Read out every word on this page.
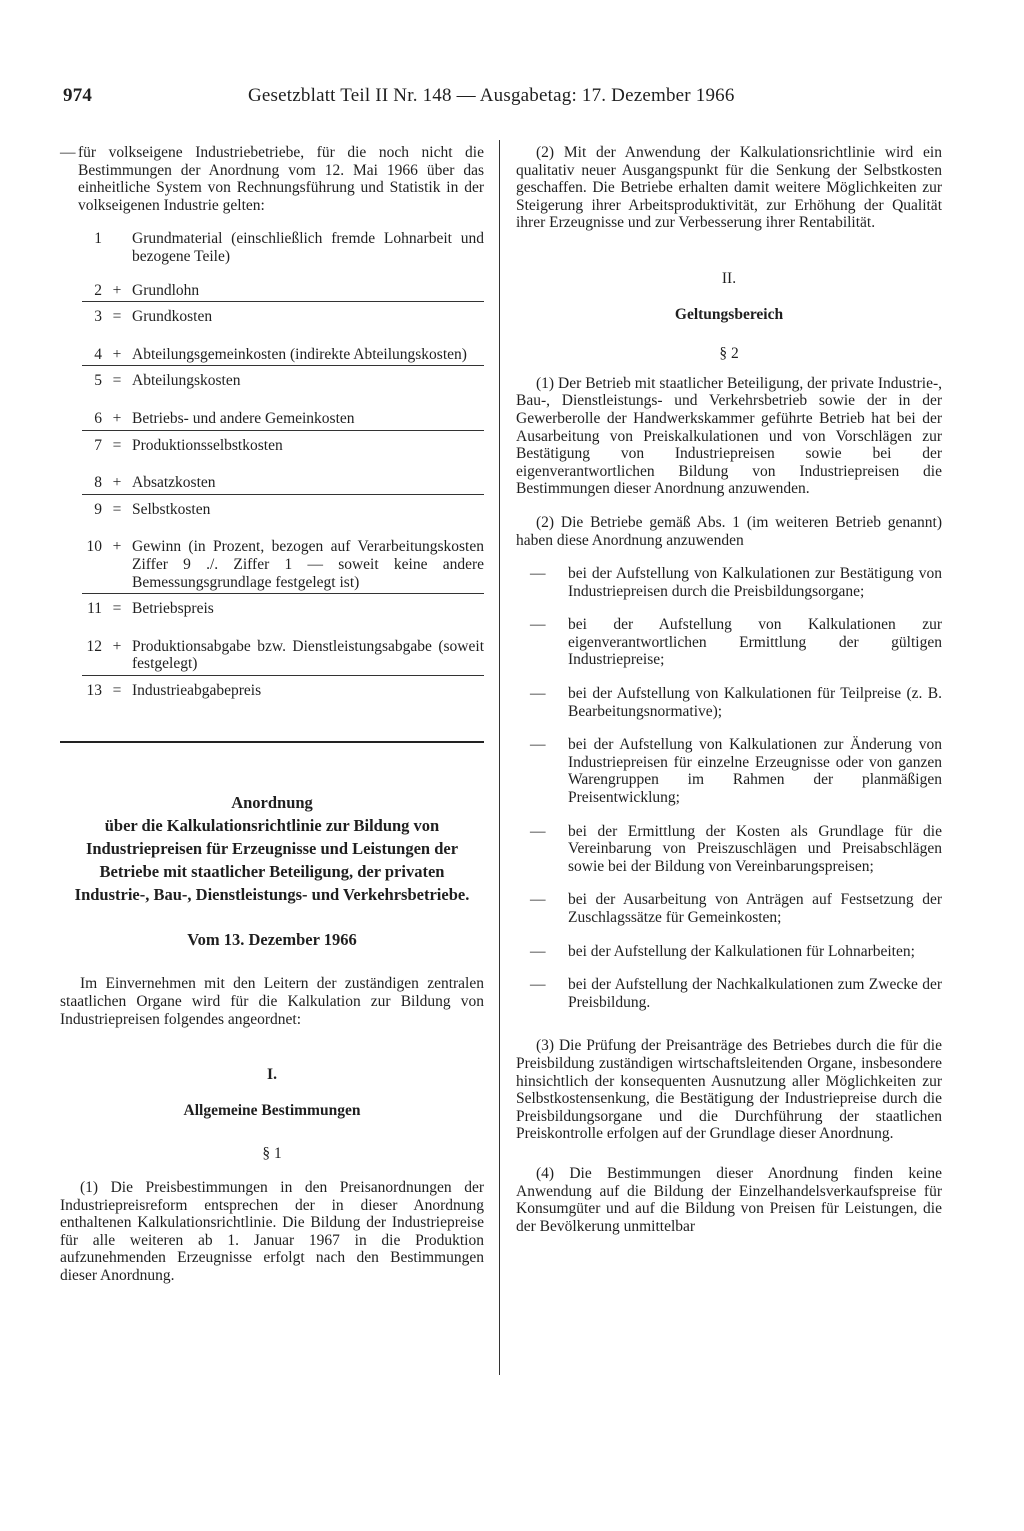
974	Gesetzblatt Teil II Nr. 148 — Ausgabetag: 17. Dezember 1966
— für volkseigene Industriebetriebe, für die noch nicht die Bestimmungen der Anordnung vom 12. Mai 1966 über das einheitliche System von Rechnungsführung und Statistik in der volkseigenen Industrie gelten:
1 Grundmaterial (einschließlich fremde Lohnarbeit und bezogene Teile)
2 + Grundlohn
3 = Grundkosten
4 + Abteilungsgemeinkosten (indirekte Abteilungskosten)
5 = Abteilungskosten
6 + Betriebs- und andere Gemeinkosten
7 = Produktionsselbstkosten
8 + Absatzkosten
9 = Selbstkosten
10 + Gewinn (in Prozent, bezogen auf Verarbeitungskosten Ziffer 9 ./. Ziffer 1 — soweit keine andere Bemessungsgrundlage festgelegt ist)
11 = Betriebspreis
12 + Produktionsabgabe bzw. Dienstleistungsabgabe (soweit festgelegt)
13 = Industrieabgabepreis

Anordnung

über die Kalkulationsrichtlinie zur Bildung von Industriepreisen für Erzeugnisse und Leistungen der Betriebe mit staatlicher Beteiligung, der privaten Industrie-, Bau-, Dienstleistungs- und Verkehrsbetriebe.

Vom 13. Dezember 1966

Im Einvernehmen mit den Leitern der zuständigen zentralen staatlichen Organe wird für die Kalkulation zur Bildung von Industriepreisen folgendes angeordnet:

I.

Allgemeine Bestimmungen

§ 1

(1) Die Preisbestimmungen in den Preisanordnungen der Industriepreisreform entsprechen der in dieser Anordnung enthaltenen Kalkulationsrichtlinie. Die Bildung der Industriepreise für alle weiteren ab 1. Januar 1967 in die Produktion aufzunehmenden Erzeugnisse erfolgt nach den Bestimmungen dieser Anordnung.

(2) Mit der Anwendung der Kalkulationsrichtlinie wird ein qualitativ neuer Ausgangspunkt für die Senkung der Selbstkosten geschaffen. Die Betriebe erhalten damit weitere Möglichkeiten zur Steigerung ihrer Arbeitsproduktivität, zur Erhöhung der Qualität ihrer Erzeugnisse und zur Verbesserung ihrer Rentabilität.

II.

Geltungsbereich

§ 2

(1) Der Betrieb mit staatlicher Beteiligung, der private Industrie-, Bau-, Dienstleistungs- und Verkehrsbetrieb sowie der in der Gewerberolle der Handwerkskammer geführte Betrieb hat bei der Ausarbeitung von Preiskalkulationen und von Vorschlägen zur Bestätigung von Industriepreisen sowie bei der eigenverantwortlichen Bildung von Industriepreisen die Bestimmungen dieser Anordnung anzuwenden.

(2) Die Betriebe gemäß Abs. 1 (im weiteren Betrieb genannt) haben diese Anordnung anzuwenden

— bei der Aufstellung von Kalkulationen zur Bestätigung von Industriepreisen durch die Preisbildungsorgane;
— bei der Aufstellung von Kalkulationen zur eigenverantwortlichen Ermittlung der gültigen Industriepreise;
— bei der Aufstellung von Kalkulationen für Teilpreise (z. B. Bearbeitungsnormative);
— bei der Aufstellung von Kalkulationen zur Änderung von Industriepreisen für einzelne Erzeugnisse oder von ganzen Warengruppen im Rahmen der planmäßigen Preisentwicklung;
— bei der Ermittlung der Kosten als Grundlage für die Vereinbarung von Preiszuschlägen und Preisabschlägen sowie bei der Bildung von Vereinbarungspreisen;
— bei der Ausarbeitung von Anträgen auf Festsetzung der Zuschlagssätze für Gemeinkosten;
— bei der Aufstellung der Kalkulationen für Lohnarbeiten;
— bei der Aufstellung der Nachkalkulationen zum Zwecke der Preisbildung.

(3) Die Prüfung der Preisanträge des Betriebes durch die für die Preisbildung zuständigen wirtschaftsleitenden Organe, insbesondere hinsichtlich der konsequenten Ausnutzung aller Möglichkeiten zur Selbstkostensenkung, die Bestätigung der Industriepreise durch die Preisbildungsorgane und die Durchführung der staatlichen Preiskontrolle erfolgen auf der Grundlage dieser Anordnung.

(4) Die Bestimmungen dieser Anordnung finden keine Anwendung auf die Bildung der Einzelhandelsverkaufspreise für Konsumgüter und auf die Bildung von Preisen für Leistungen, die der Bevölkerung unmittelbar
